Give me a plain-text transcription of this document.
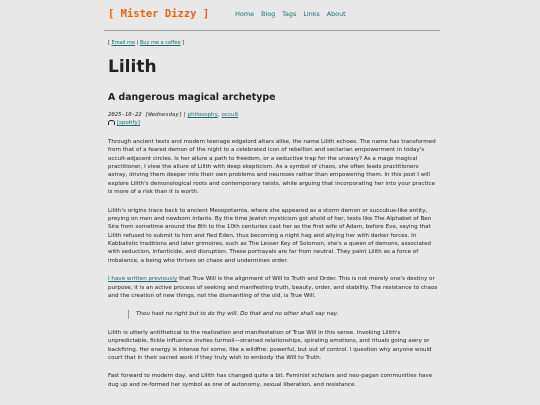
[ Mister Dizzy ]	Home Blog Tags Links About
[ Email me | Buy me a coffee ]
Lilith
A dangerous magical archetype
2025-10-22 [Wednesday] | philosophy, occult
[spotify]

Through ancient texts and modern teenage edgelord altars alike, the name Lilith echoes. The name has transformed from that of a feared demon of the night to a celebrated icon of rebellion and sectarian empowerment in today's occult-adjacent circles. Is her allure a path to freedom, or a seductive trap for the unwary? As a mage magical practitioner, I view the allure of Lilith with deep skepticism. As a symbol of chaos, she often leads practitioners astray, driving them deeper into their own problems and neuroses rather than empowering them. In this post I will explore Lilith's demonological roots and contemporary twists, while arguing that incorporating her into your practice is more of a risk than it is worth.

Lilith's origins trace back to ancient Mesopotamia, where she appeared as a storm demon or succubus-like entity, preying on men and newborn infants. By the time Jewish mysticism got ahold of her, texts like The Alphabet of Ben Sira from sometime around the 8th to the 10th centuries cast her as the first wife of Adam, before Eve, saying that Lilith refused to submit to him and fled Eden, thus becoming a night hag and allying her with darker forces. In Kabbalistic traditions and later grimoires, such as The Lesser Key of Solomon, she's a queen of demons, associated with seduction, infanticide, and disruption. These portrayals are far from neutral. They paint Lilith as a force of imbalance, a being who thrives on chaos and undermines order.

I have written previously that True Will is the alignment of Will to Truth and Order. This is not merely one's destiny or purpose, it is an active process of seeking and manifesting truth, beauty, order, and stability. The resistance to chaos and the creation of new things, not the dismantling of the old, is True Will.

Thou hast no right but to do thy will. Do that and no other shall say nay.

Lilith is utterly antithetical to the realization and manifestation of True Will in this sense. Invoking Lilith's unpredictable, fickle influence invites turmoil—strained relationships, spiraling emotions, and rituals going awry or backfiring. Her energy is intense for some, like a wildfire: powerful, but out of control. I question why anyone would court that in their sacred work if they truly wish to embody the Will to Truth.

Fast forward to modern day, and Lilith has changed quite a bit. Feminist scholars and neo-pagan communities have dug up and re-formed her symbol as one of autonomy, sexual liberation, and resistance.
